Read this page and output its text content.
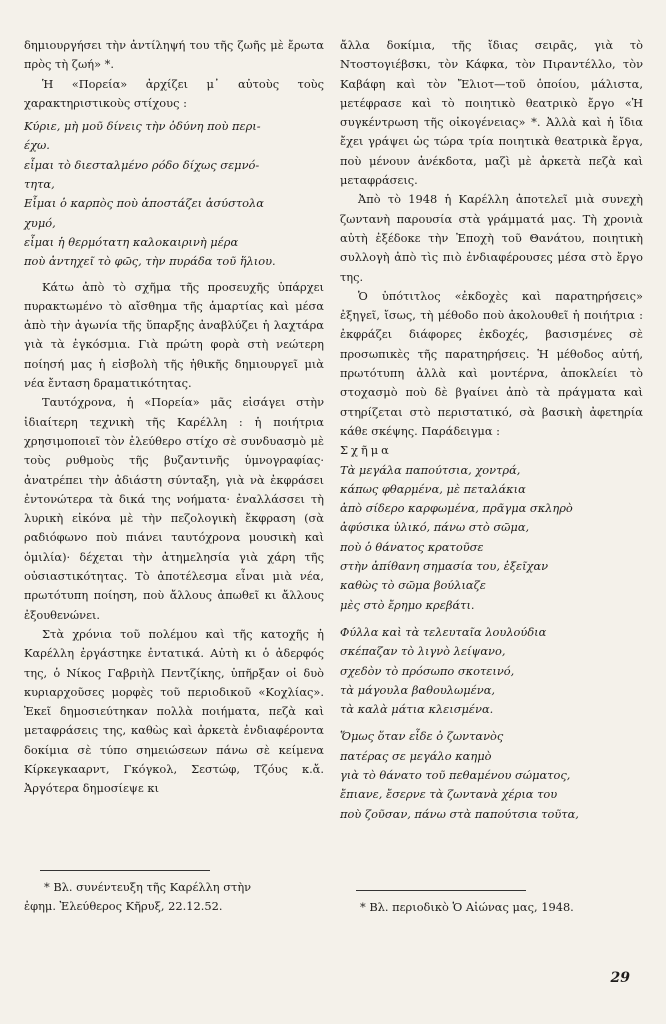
δημιουργήσει τὴν ἀντίληψή του τῆς ζωῆς μὲ ἔρωτα πρὸς τὴ ζωή» *.

Ἡ «Πορεία» ἀρχίζει μ᾽ αὐτοὺς τοὺς χαρακτηριστικοὺς στίχους :

Κύριε, μὴ μοῦ δίνεις τὴν ὀδύνη ποὺ περι-

έχω.

εἶμαι τὸ διεσταλμένο ρόδο δίχως σεμνό-

τητα,

Εἶμαι ὁ καρπὸς ποὺ ἀποστάζει ἀσύστολα

χυμό,

εἶμαι ἡ θερμότατη καλοκαιρινὴ μέρα

ποὺ ἀντηχεῖ τὸ φῶς, τὴν πυράδα τοῦ ἥλιου.

Κάτω ἀπὸ τὸ σχῆμα τῆς προσευχῆς ὑπάρχει πυρακτωμένο τὸ αἴσθημα τῆς ἁμαρτίας καὶ μέσα ἀπὸ τὴν ἀγωνία τῆς ὕπαρξης ἀναβλύζει ἡ λαχτάρα γιὰ τὰ ἐγκόσμια. Γιὰ πρώτη φορὰ στὴ νεώτερη ποίησή μας ἡ εἰσβολὴ τῆς ἠθικῆς δημιουργεῖ μιὰ νέα ἔνταση δραματικότητας.

Ταυτόχρονα, ἡ «Πορεία» μᾶς εἰσάγει στὴν ἰδιαίτερη τεχνικὴ τῆς Καρέλλη : ἡ ποιήτρια χρησιμοποιεῖ τὸν ἐλεύθερο στίχο σὲ συνδυασμὸ μὲ τοὺς ρυθμοὺς τῆς βυζαντινῆς ὑμνογραφίας· ἀνατρέπει τὴν ἀδιάστη σύνταξη, γιὰ νὰ ἐκφράσει ἐντονώτερα τὰ δικά της νοήματα· ἐναλλάσσει τὴ λυρικὴ εἰκόνα μὲ τὴν πεζολογικὴ ἔκφραση (σὰ ραδιόφωνο ποὺ πιάνει ταυτόχρονα μουσικὴ καὶ ὁμιλία)· δέχεται τὴν ἀτημελησία γιὰ χάρη τῆς οὐσιαστικότητας. Τὸ ἀποτέλεσμα εἶναι μιὰ νέα, πρωτότυπη ποίηση, ποὺ ἄλλους ἀπωθεῖ κι ἄλλους ἐξουθενώνει.

Στὰ χρόνια τοῦ πολέμου καὶ τῆς κατοχῆς ἡ Καρέλλη ἐργάστηκε ἐντατικά. Αὐτὴ κι ὁ ἀδερφός της, ὁ Νίκος Γαβριὴλ Πεντζίκης, ὑπῆρξαν οἱ δυὸ κυριαρχοῦσες μορφὲς τοῦ περιοδικοῦ «Κοχλίας». Ἐκεῖ δημοσιεύτηκαν πολλὰ ποιήματα, πεζὰ καὶ μεταφράσεις της, καθὼς καὶ ἀρκετὰ ἐνδιαφέροντα δοκίμια σὲ τύπο σημειώσεων πάνω σὲ κείμενα Κίρκεγκααρντ, Γκόγκολ, Σεστώφ, Τζόυς κ.ἄ. Ἀργότερα δημοσίεψε κι

ἄλλα δοκίμια, τῆς ἴδιας σειρᾶς, γιὰ τὸ Ντοστογιέβσκι, τὸν Κάφκα, τὸν Πιραντέλλο, τὸν Καβάφη καὶ τὸν Ἔλιοτ—τοῦ ὁποίου, μάλιστα, μετέφρασε καὶ τὸ ποιητικὸ θεατρικὸ ἔργο «Ἡ συγκέντρωση τῆς οἰκογένειας» *. Ἀλλὰ καὶ ἡ ἴδια ἔχει γράψει ὡς τώρα τρία ποιητικὰ θεατρικὰ ἔργα, ποὺ μένουν ἀνέκδοτα, μαζὶ μὲ ἀρκετὰ πεζὰ καὶ μεταφράσεις.

Ἀπὸ τὸ 1948 ἡ Καρέλλη ἀποτελεῖ μιὰ συνεχὴ ζωντανὴ παρουσία στὰ γράμματά μας. Τὴ χρονιὰ αὐτὴ ἐξέδοκε τὴν Ἐποχὴ τοῦ Θανάτου, ποιητικὴ συλλογὴ ἀπὸ τὶς πιὸ ἐνδιαφέρουσες μέσα στὸ ἔργο της.

Ὁ ὑπότιτλος «ἐκδοχὲς καὶ παρατηρήσεις» ἐξηγεῖ, ἴσως, τὴ μέθοδο ποὺ ἀκολουθεῖ ἡ ποιήτρια : ἐκφράζει διάφορες ἐκδοχές, βασισμένες σὲ προσωπικὲς τῆς παρατηρήσεις. Ἡ μέθοδος αὐτή, πρωτότυπη ἀλλὰ καὶ μοντέρνα, ἀποκλείει τὸ στοχασμὸ ποὺ δὲ βγαίνει ἀπὸ τὰ πράγματα καὶ στηρίζεται στὸ περιστατικό, σὰ βασικὴ ἀφετηρία κάθε σκέψης. Παράδειγμα :

Σχῆμα

Τὰ μεγάλα παπούτσια, χοντρά,

κάπως φθαρμένα, μὲ πεταλάκια

ἀπὸ σίδερο καρφωμένα, πρᾶγμα σκληρὸ

ἀφύσικα ὑλικό, πάνω στὸ σῶμα,

ποὺ ὁ θάνατος κρατοῦσε

στὴν ἀπίθανη σημασία του, ἐξεῖχαν

καθὼς τὸ σῶμα βούλιαζε

μὲς στὸ ἔρημο κρεβάτι.

Φύλλα καὶ τὰ τελευταῖα λουλούδια

σκέπαζαν τὸ λιγνὸ λείψανο,

σχεδὸν τὸ πρόσωπο σκοτεινό,

τὰ μάγουλα βαθουλωμένα,

τὰ καλὰ μάτια κλεισμένα.

Ὅμως ὅταν εἶδε ὁ ζωντανὸς

πατέρας σε μεγάλο καημὸ

γιὰ τὸ θάνατο τοῦ πεθαμένου σώματος,

ἔπιανε, ἔσερνε τὰ ζωντανὰ χέρια του

ποὺ ζοῦσαν, πάνω στὰ παπούτσια τοῦτα,

* Βλ. συνέντευξη τῆς Καρέλλη στὴν
ἐφημ. Ἐλεύθερος Κῆρυξ, 22.12.52.	* Βλ. περιοδικὸ Ὁ Αἰώνας μας, 1948.
29
